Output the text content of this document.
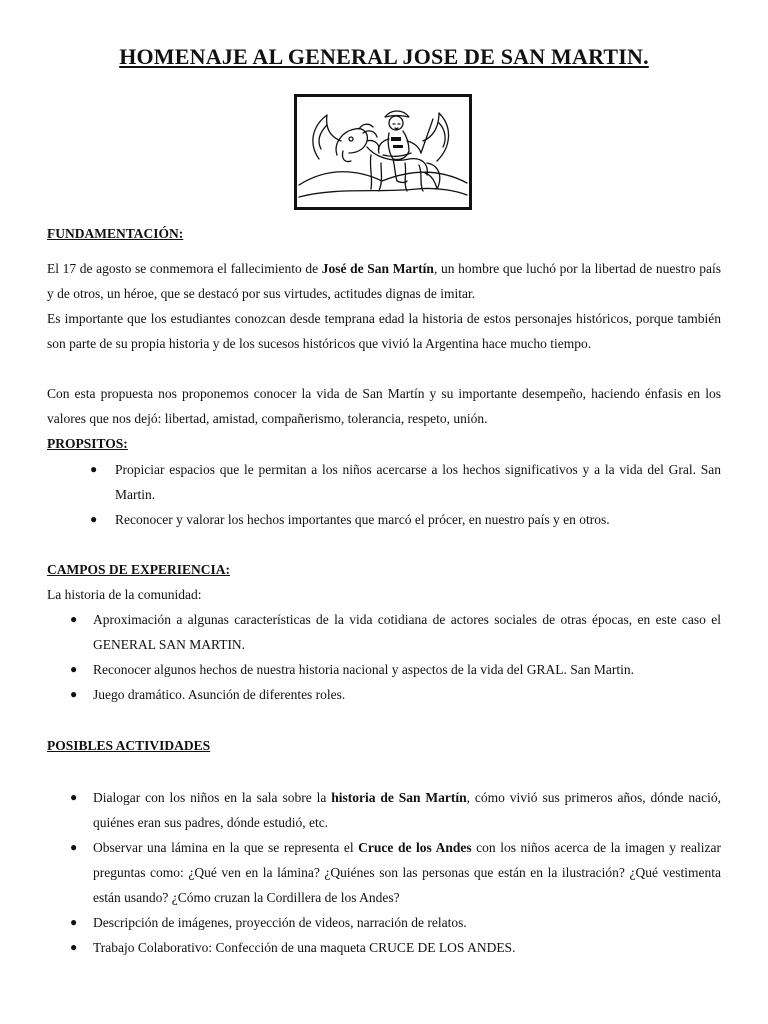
HOMENAJE AL GENERAL JOSE DE SAN MARTIN.
FUNDAMENTACIÓN:

El 17 de agosto se conmemora el fallecimiento de José de San Martín, un hombre que luchó por la libertad de nuestro país y de otros, un héroe, que se destacó por sus virtudes, actitudes dignas de imitar.

Es importante que los estudiantes conozcan desde temprana edad la historia de estos personajes históricos, porque también son parte de su propia historia y de los sucesos históricos que vivió la Argentina hace mucho tiempo.

Con esta propuesta nos proponemos conocer la vida de San Martín y su importante desempeño, haciendo énfasis en los valores que nos dejó: libertad, amistad, compañerismo, tolerancia, respeto, unión.

PROPSITOS:
● Propiciar espacios que le permitan a los niños acercarse a los hechos significativos y a la vida del Gral. San Martin.
● Reconocer y valorar los hechos importantes que marcó el prócer, en nuestro país y en otros.
CAMPOS DE EXPERIENCIA:
La historia de la comunidad:
● Aproximación a algunas características de la vida cotidiana de actores sociales de otras épocas, en este caso el GENERAL SAN MARTIN.
● Reconocer algunos hechos de nuestra historia nacional y aspectos de la vida del GRAL. San Martin.
● Juego dramático. Asunción de diferentes roles.
POSIBLES ACTIVIDADES
● Dialogar con los niños en la sala sobre la historia de San Martín, cómo vivió sus primeros años, dónde nació, quiénes eran sus padres, dónde estudió, etc.
● Observar una lámina en la que se representa el Cruce de los Andes con los niños acerca de la imagen y realizar preguntas como: ¿Qué ven en la lámina? ¿Quiénes son las personas que están en la ilustración? ¿Qué vestimenta están usando? ¿Cómo cruzan la Cordillera de los Andes?
● Descripción de imágenes, proyección de videos, narración de relatos.
● Trabajo Colaborativo: Confección de una maqueta CRUCE DE LOS ANDES.
